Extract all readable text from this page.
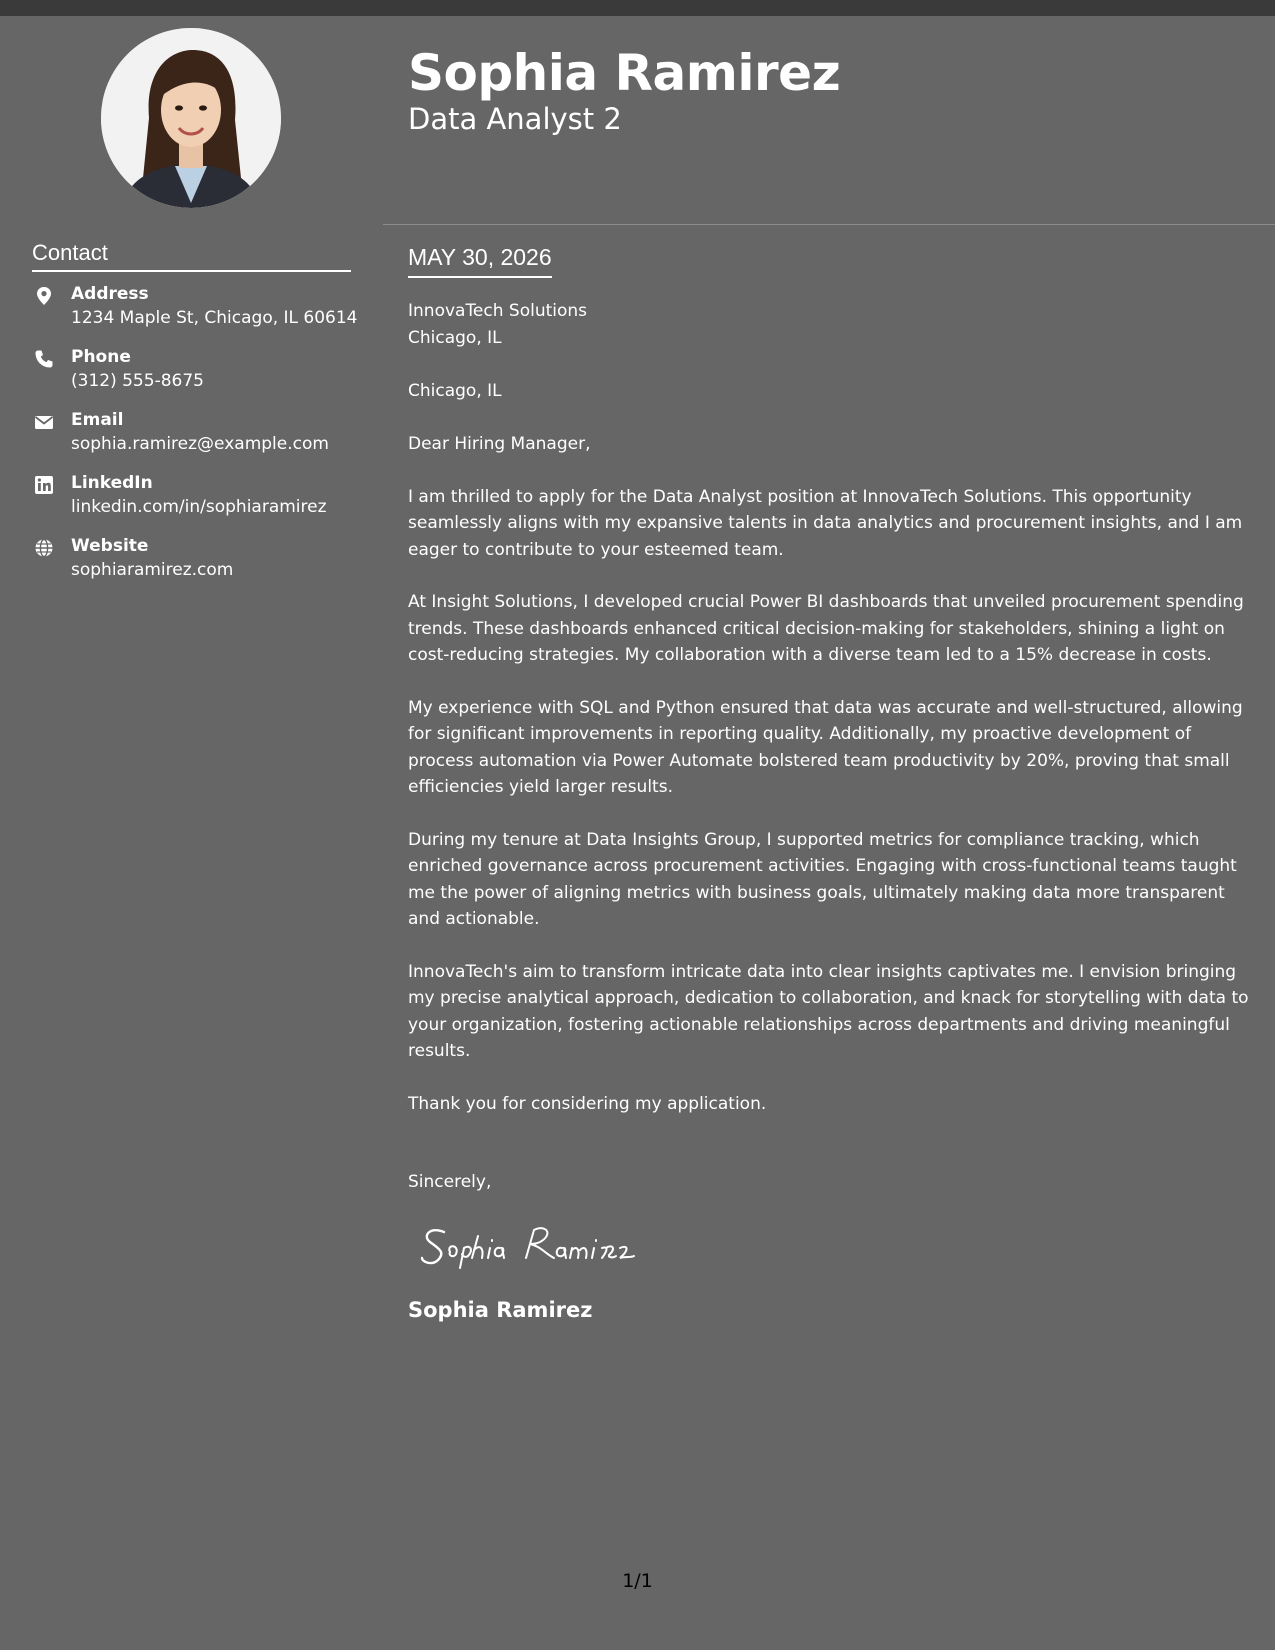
Contact
Address
1234 Maple St, Chicago, IL 60614
Phone
(312) 555-8675
Email
sophia.ramirez@example.com
LinkedIn
linkedin.com/in/sophiaramirez
Website
sophiaramirez.com
Sophia Ramirez
Data Analyst 2
MAY 30, 2026
InnovaTech Solutions
Chicago, IL
Chicago, IL

Dear Hiring Manager,

I am thrilled to apply for the Data Analyst position at InnovaTech Solutions. This opportunity seamlessly aligns with my expansive talents in data analytics and procurement insights, and I am eager to contribute to your esteemed team.

At Insight Solutions, I developed crucial Power BI dashboards that unveiled procurement spending trends. These dashboards enhanced critical decision-making for stakeholders, shining a light on cost-reducing strategies. My collaboration with a diverse team led to a 15% decrease in costs.

My experience with SQL and Python ensured that data was accurate and well-structured, allowing for significant improvements in reporting quality. Additionally, my proactive development of process automation via Power Automate bolstered team productivity by 20%, proving that small efficiencies yield larger results.

During my tenure at Data Insights Group, I supported metrics for compliance tracking, which enriched governance across procurement activities. Engaging with cross-functional teams taught me the power of aligning metrics with business goals, ultimately making data more transparent and actionable.

InnovaTech's aim to transform intricate data into clear insights captivates me. I envision bringing my precise analytical approach, dedication to collaboration, and knack for storytelling with data to your organization, fostering actionable relationships across departments and driving meaningful results.

Thank you for considering my application.

Sincerely,

Sophia Ramirez
1/1
